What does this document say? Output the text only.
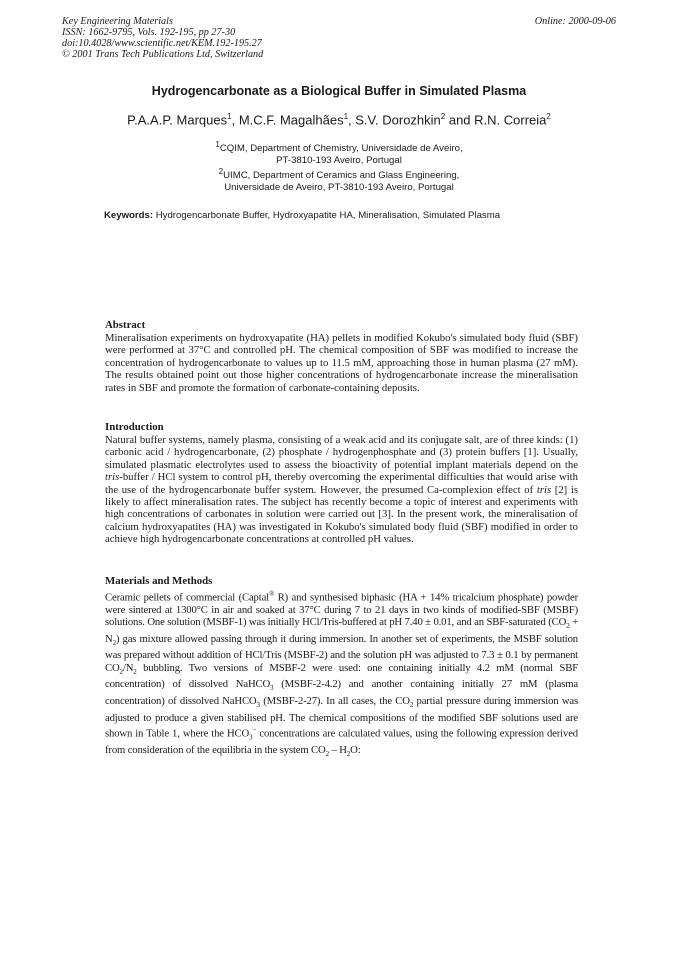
Key Engineering Materials
ISSN: 1662-9795, Vols. 192-195, pp 27-30
doi:10.4028/www.scientific.net/KEM.192-195.27
© 2001 Trans Tech Publications Ltd, Switzerland
Online: 2000-09-06
Hydrogencarbonate as a Biological Buffer in Simulated Plasma
P.A.A.P. Marques$^1$, M.C.F. Magalhães$^1$, S.V. Dorozhkin$^2$ and R.N. Correia$^2$
$^1$CQIM, Department of Chemistry, Universidade de Aveiro,
PT-3810-193 Aveiro, Portugal
$^2$UIMC, Department of Ceramics and Glass Engineering,
Universidade de Aveiro, PT-3810-193 Aveiro, Portugal
Keywords: Hydrogencarbonate Buffer, Hydroxyapatite HA, Mineralisation, Simulated Plasma
Abstract

Mineralisation experiments on hydroxyapatite (HA) pellets in modified Kokubo's simulated body fluid (SBF) were performed at 37°C and controlled pH. The chemical composition of SBF was modified to increase the concentration of hydrogencarbonate to values up to 11.5 mM, approaching those in human plasma (27 mM). The results obtained point out those higher concentrations of hydrogencarbonate increase the mineralisation rates in SBF and promote the formation of carbonate-containing deposits.

Introduction

Natural buffer systems, namely plasma, consisting of a weak acid and its conjugate salt, are of three kinds: (1) carbonic acid / hydrogencarbonate, (2) phosphate / hydrogenphosphate and (3) protein buffers [1]. Usually, simulated plasmatic electrolytes used to assess the bioactivity of potential implant materials depend on the tris-buffer / HCl system to control pH, thereby overcoming the experimental difficulties that would arise with the use of the hydrogencarbonate buffer system. However, the presumed Ca-complexion effect of tris [2] is likely to affect mineralisation rates. The subject has recently become a topic of interest and experiments with high concentrations of carbonates in solution were carried out [3]. In the present work, the mineralisation of calcium hydroxyapatites (HA) was investigated in Kokubo's simulated body fluid (SBF) modified in order to achieve high hydrogencarbonate concentrations at controlled pH values.

Materials and Methods

Ceramic pellets of commercial (Captal® R) and synthesised biphasic (HA + 14% tricalcium phosphate) powder were sintered at 1300°C in air and soaked at 37°C during 7 to 21 days in two kinds of modified-SBF (MSBF) solutions. One solution (MSBF-1) was initially HCl/Tris-buffered at pH 7.40 ± 0.01, and an SBF-saturated $(CO_2 + N_2)$ gas mixture allowed passing through it during immersion. In another set of experiments, the MSBF solution was prepared without addition of HCl/Tris (MSBF-2) and the solution pH was adjusted to 7.3 ± 0.1 by permanent $CO_2/N_2$ bubbling. Two versions of MSBF-2 were used: one containing initially 4.2 mM (normal SBF concentration) of dissolved NaHCO$_3$ (MSBF-2-4.2) and another containing initially 27 mM (plasma concentration) of dissolved NaHCO$_3$ (MSBF-2-27). In all cases, the $CO_2$ partial pressure during immersion was adjusted to produce a given stabilised pH. The chemical compositions of the modified SBF solutions used are shown in Table 1, where the $HCO_3^-$ concentrations are calculated values, using the following expression derived from consideration of the equilibria in the system $CO_2 - H_2O$:
